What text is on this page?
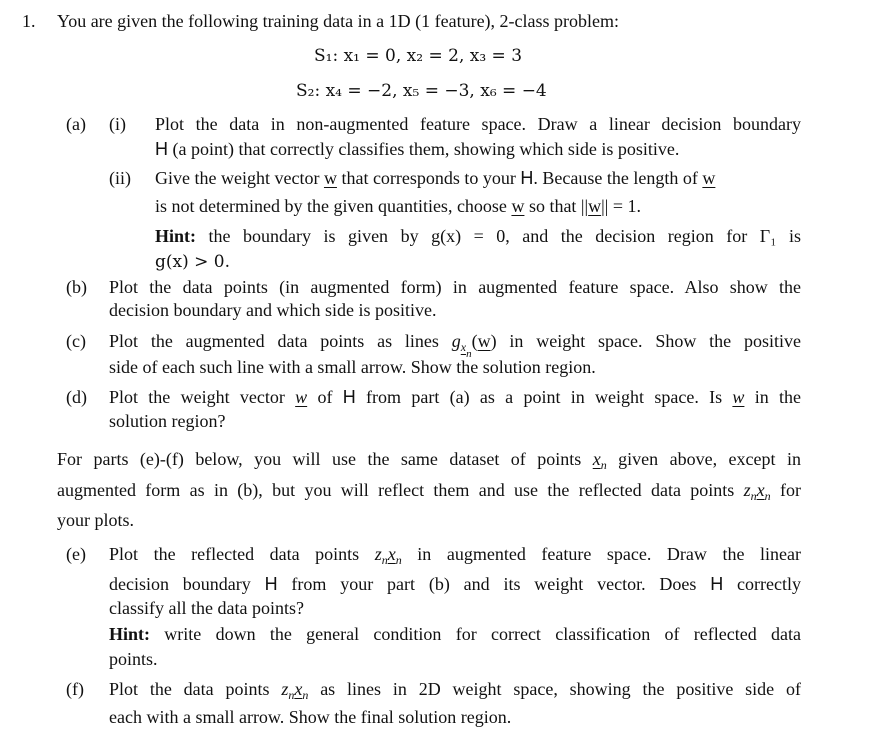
1. You are given the following training data in a 1D (1 feature), 2-class problem:
S₁: x₁ = 0, x₂ = 2, x₃ = 3
S₂: x₄ = −2, x₅ = −3, x₆ = −4
(a) (i) Plot the data in non-augmented feature space. Draw a linear decision boundary
H (a point) that correctly classifies them, showing which side is positive.
(ii) Give the weight vector w that corresponds to your H. Because the length of w
is not determined by the given quantities, choose w so that ||w|| = 1.
Hint: the boundary is given by g(x) = 0, and the decision region for Γ₁ is
g(x) > 0.
(b) Plot the data points (in augmented form) in augmented feature space. Also show the
decision boundary and which side is positive.
(c) Plot the augmented data points as lines $g_{xn}(w)$ in weight space. Show the positive
side of each such line with a small arrow. Show the solution region.
(d) Plot the weight vector w of H from part (a) as a point in weight space. Is w in the
solution region?
For parts (e)-(f) below, you will use the same dataset of points $x_n$ given above, except in
augmented form as in (b), but you will reflect them and use the reflected data points $z_nx_n$ for
your plots.
(e) Plot the reflected data points $z_nx_n$ in augmented feature space. Draw the linear
decision boundary H from your part (b) and its weight vector. Does H correctly
classify all the data points?
Hint: write down the general condition for correct classification of reflected data
points.
(f) Plot the data points $z_nx_n$ as lines in 2D weight space, showing the positive side of
each with a small arrow. Show the final solution region.
